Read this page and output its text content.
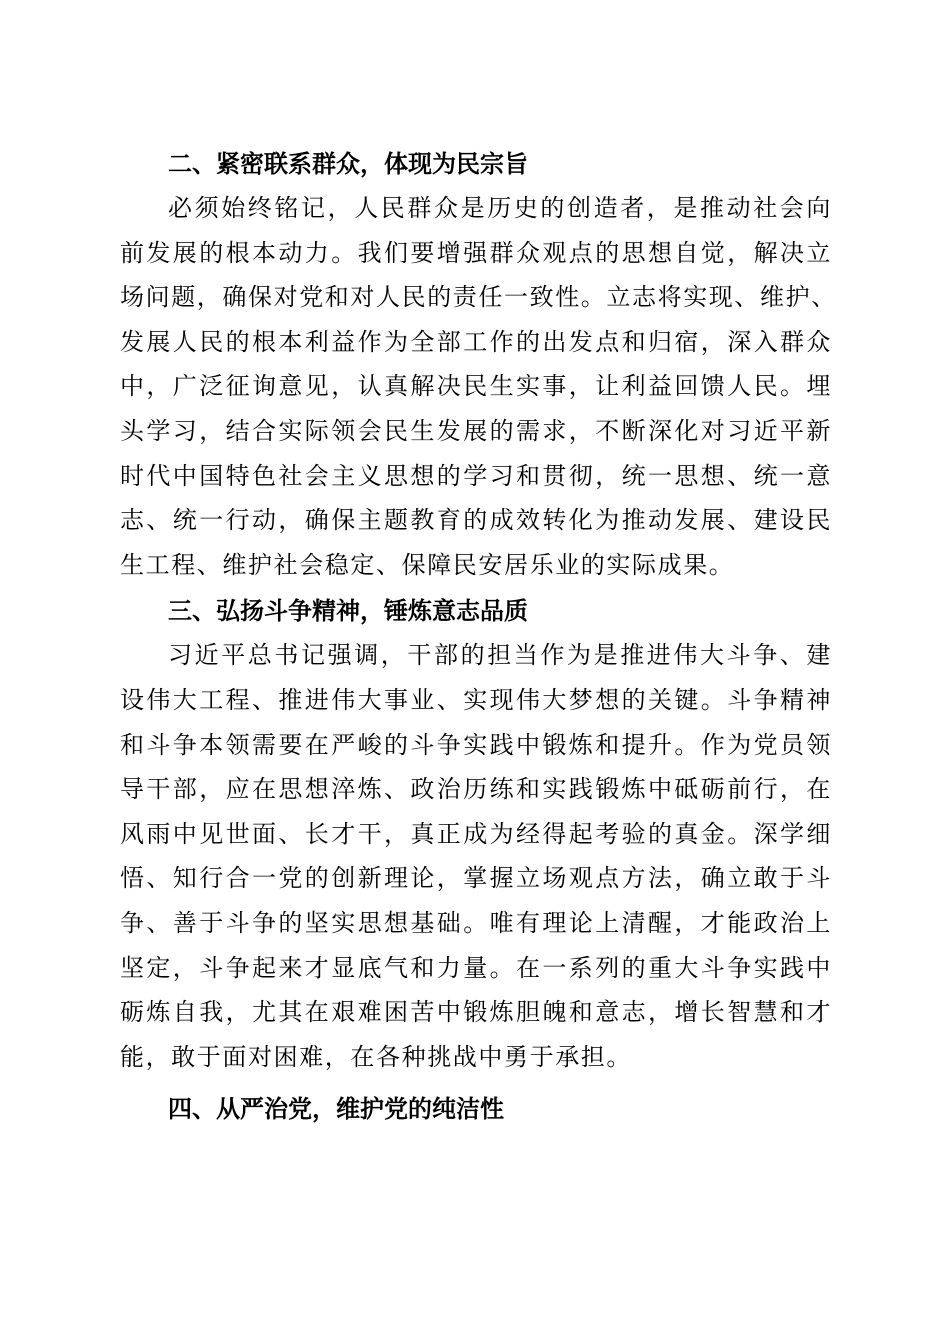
二、紧密联系群众，体现为民宗旨

必须始终铭记，人民群众是历史的创造者，是推动社会向

前发展的根本动力。我们要增强群众观点的思想自觉，解决立

场问题，确保对党和对人民的责任一致性。立志将实现、维护、

发展人民的根本利益作为全部工作的出发点和归宿，深入群众

中，广泛征询意见，认真解决民生实事，让利益回馈人民。埋

头学习，结合实际领会民生发展的需求，不断深化对习近平新

时代中国特色社会主义思想的学习和贯彻，统一思想、统一意

志、统一行动，确保主题教育的成效转化为推动发展、建设民

生工程、维护社会稳定、保障民安居乐业的实际成果。

三、弘扬斗争精神，锤炼意志品质

习近平总书记强调，干部的担当作为是推进伟大斗争、建

设伟大工程、推进伟大事业、实现伟大梦想的关键。斗争精神

和斗争本领需要在严峻的斗争实践中锻炼和提升。作为党员领

导干部，应在思想淬炼、政治历练和实践锻炼中砥砺前行，在

风雨中见世面、长才干，真正成为经得起考验的真金。深学细

悟、知行合一党的创新理论，掌握立场观点方法，确立敢于斗

争、善于斗争的坚实思想基础。唯有理论上清醒，才能政治上

坚定，斗争起来才显底气和力量。在一系列的重大斗争实践中

砺炼自我，尤其在艰难困苦中锻炼胆魄和意志，增长智慧和才

能，敢于面对困难，在各种挑战中勇于承担。

四、从严治党，维护党的纯洁性
